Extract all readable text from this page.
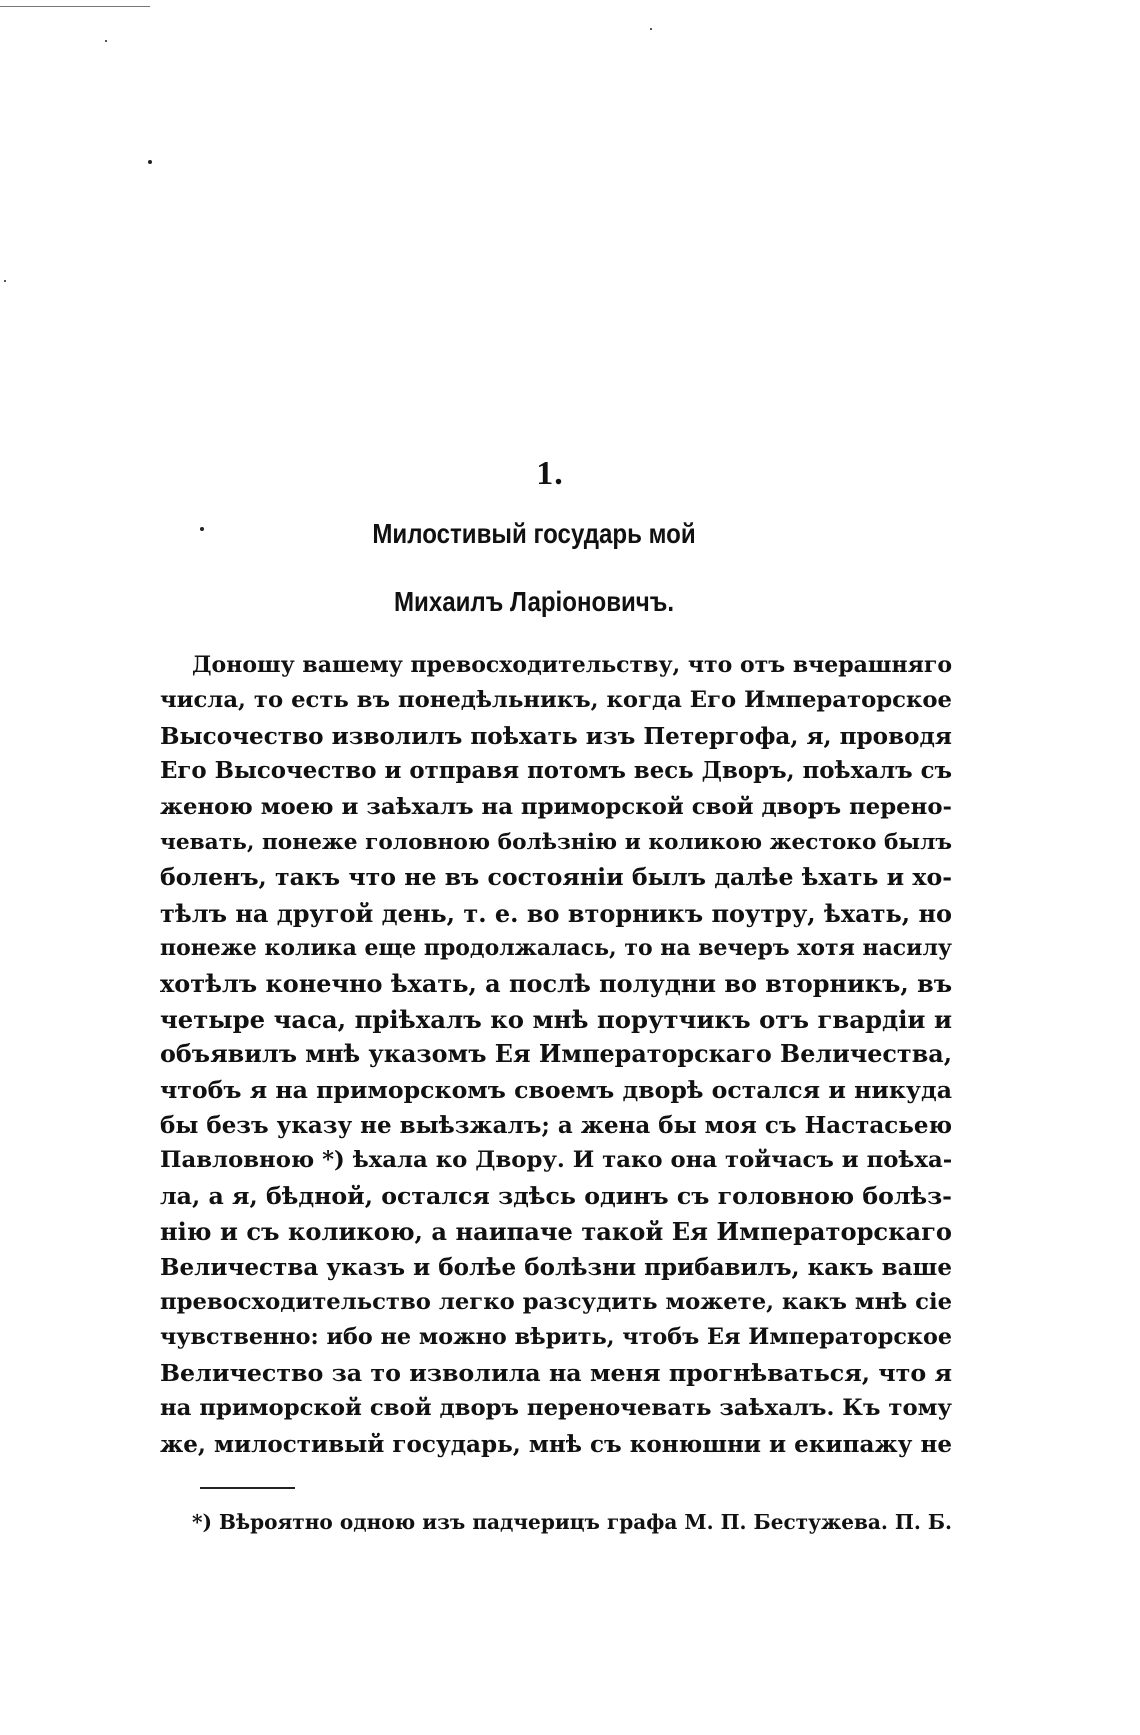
1.
Милостивый государь мой
Михаилъ Ларіоновичъ.
Доношу вашему превосходительству, что отъ вчерашняго
числа, то есть въ понедѣльникъ, когда Его Императорское
Высочество изволилъ поѣхать изъ Петергофа, я, проводя
Его Высочество и отправя потомъ весь Дворъ, поѣхалъ съ
женою моею и заѣхалъ на приморской свой дворъ перено-
чевать, понеже головною болѣзнію и коликою жестоко былъ
боленъ, такъ что не въ состояніи былъ далѣе ѣхать и хо-
тѣлъ на другой день, т. е. во вторникъ поутру, ѣхать, но
понеже колика еще продолжалась, то на вечеръ хотя насилу
хотѣлъ конечно ѣхать, а послѣ полудни во вторникъ, въ
четыре часа, пріѣхалъ ко мнѣ порутчикъ отъ гвардіи и
объявилъ мнѣ указомъ Ея Императорскаго Величества,
чтобъ я на приморскомъ своемъ дворѣ остался и никуда
бы безъ указу не выѣзжалъ; а жена бы моя съ Настасьею
Павловною *) ѣхала ко Двору. И тако она тойчасъ и поѣха-
ла, а я, бѣдной, остался здѣсь одинъ съ головною болѣз-
нію и съ коликою, а наипаче такой Ея Императорскаго
Величества указъ и болѣе болѣзни прибавилъ, какъ ваше
превосходительство легко разсудить можете, какъ мнѣ сіе
чувственно: ибо не можно вѣрить, чтобъ Ея Императорское
Величество за то изволила на меня прогнѣваться, что я
на приморской свой дворъ переночевать заѣхалъ. Къ тому
же, милостивый государь, мнѣ съ конюшни и екипажу не
*) Вѣроятно одною изъ падчерицъ графа М. П. Бестужева. П. Б.
